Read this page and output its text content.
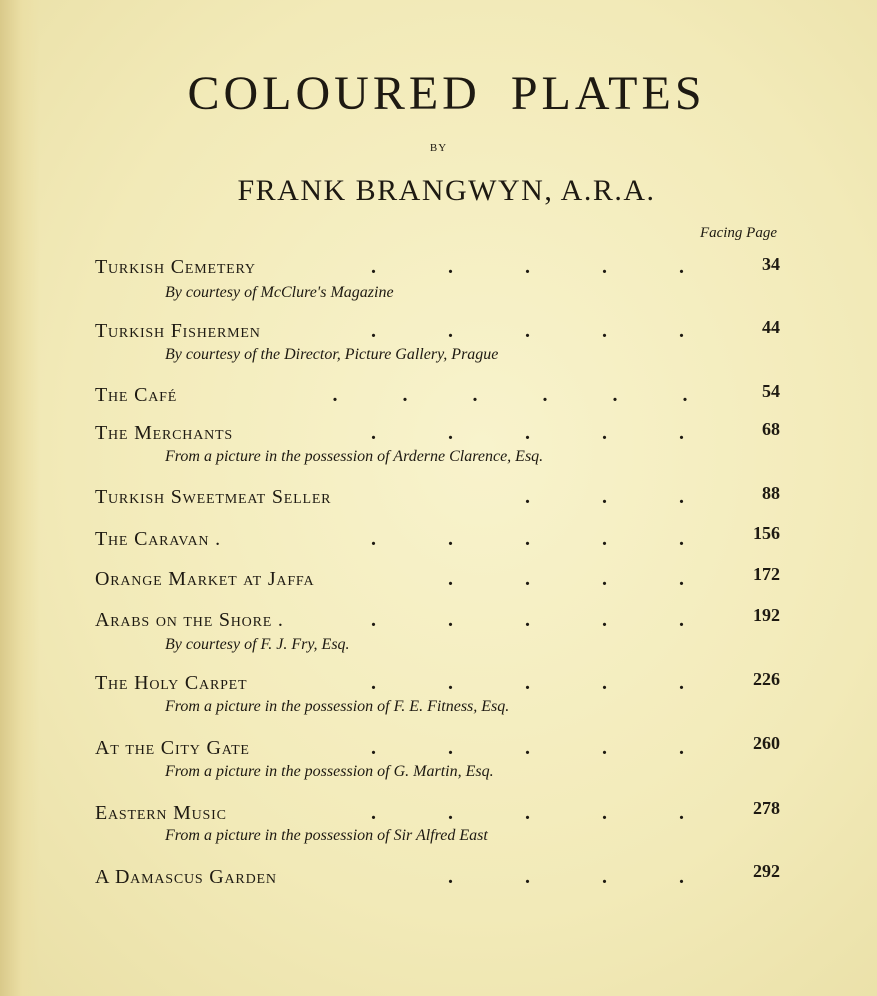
COLOURED PLATES
BY
FRANK BRANGWYN, A.R.A.
Facing Page
Turkish Cemetery	.	.	.	.	.	34
By courtesy of McClure's Magazine
Turkish Fishermen	.	.	.	.	.	44
By courtesy of the Director, Picture Gallery, Prague
The Café	.	.	.	.	.	.	54
The Merchants	.	.	.	.	.	68
From a picture in the possession of Arderne Clarence, Esq.
Turkish Sweetmeat Seller	.	.	.	88
The Caravan .	.	.	.	.	.	156
Orange Market at Jaffa	.	.	.	.	172
Arabs on the Shore .	.	.	.	.	.	192
By courtesy of F. J. Fry, Esq.
The Holy Carpet	.	.	.	.	.	226
From a picture in the possession of F. E. Fitness, Esq.
At the City Gate	.	.	.	.	.	260
From a picture in the possession of G. Martin, Esq.
Eastern Music	.	.	.	.	.	278
From a picture in the possession of Sir Alfred East
A Damascus Garden	.	.	.	.	292
